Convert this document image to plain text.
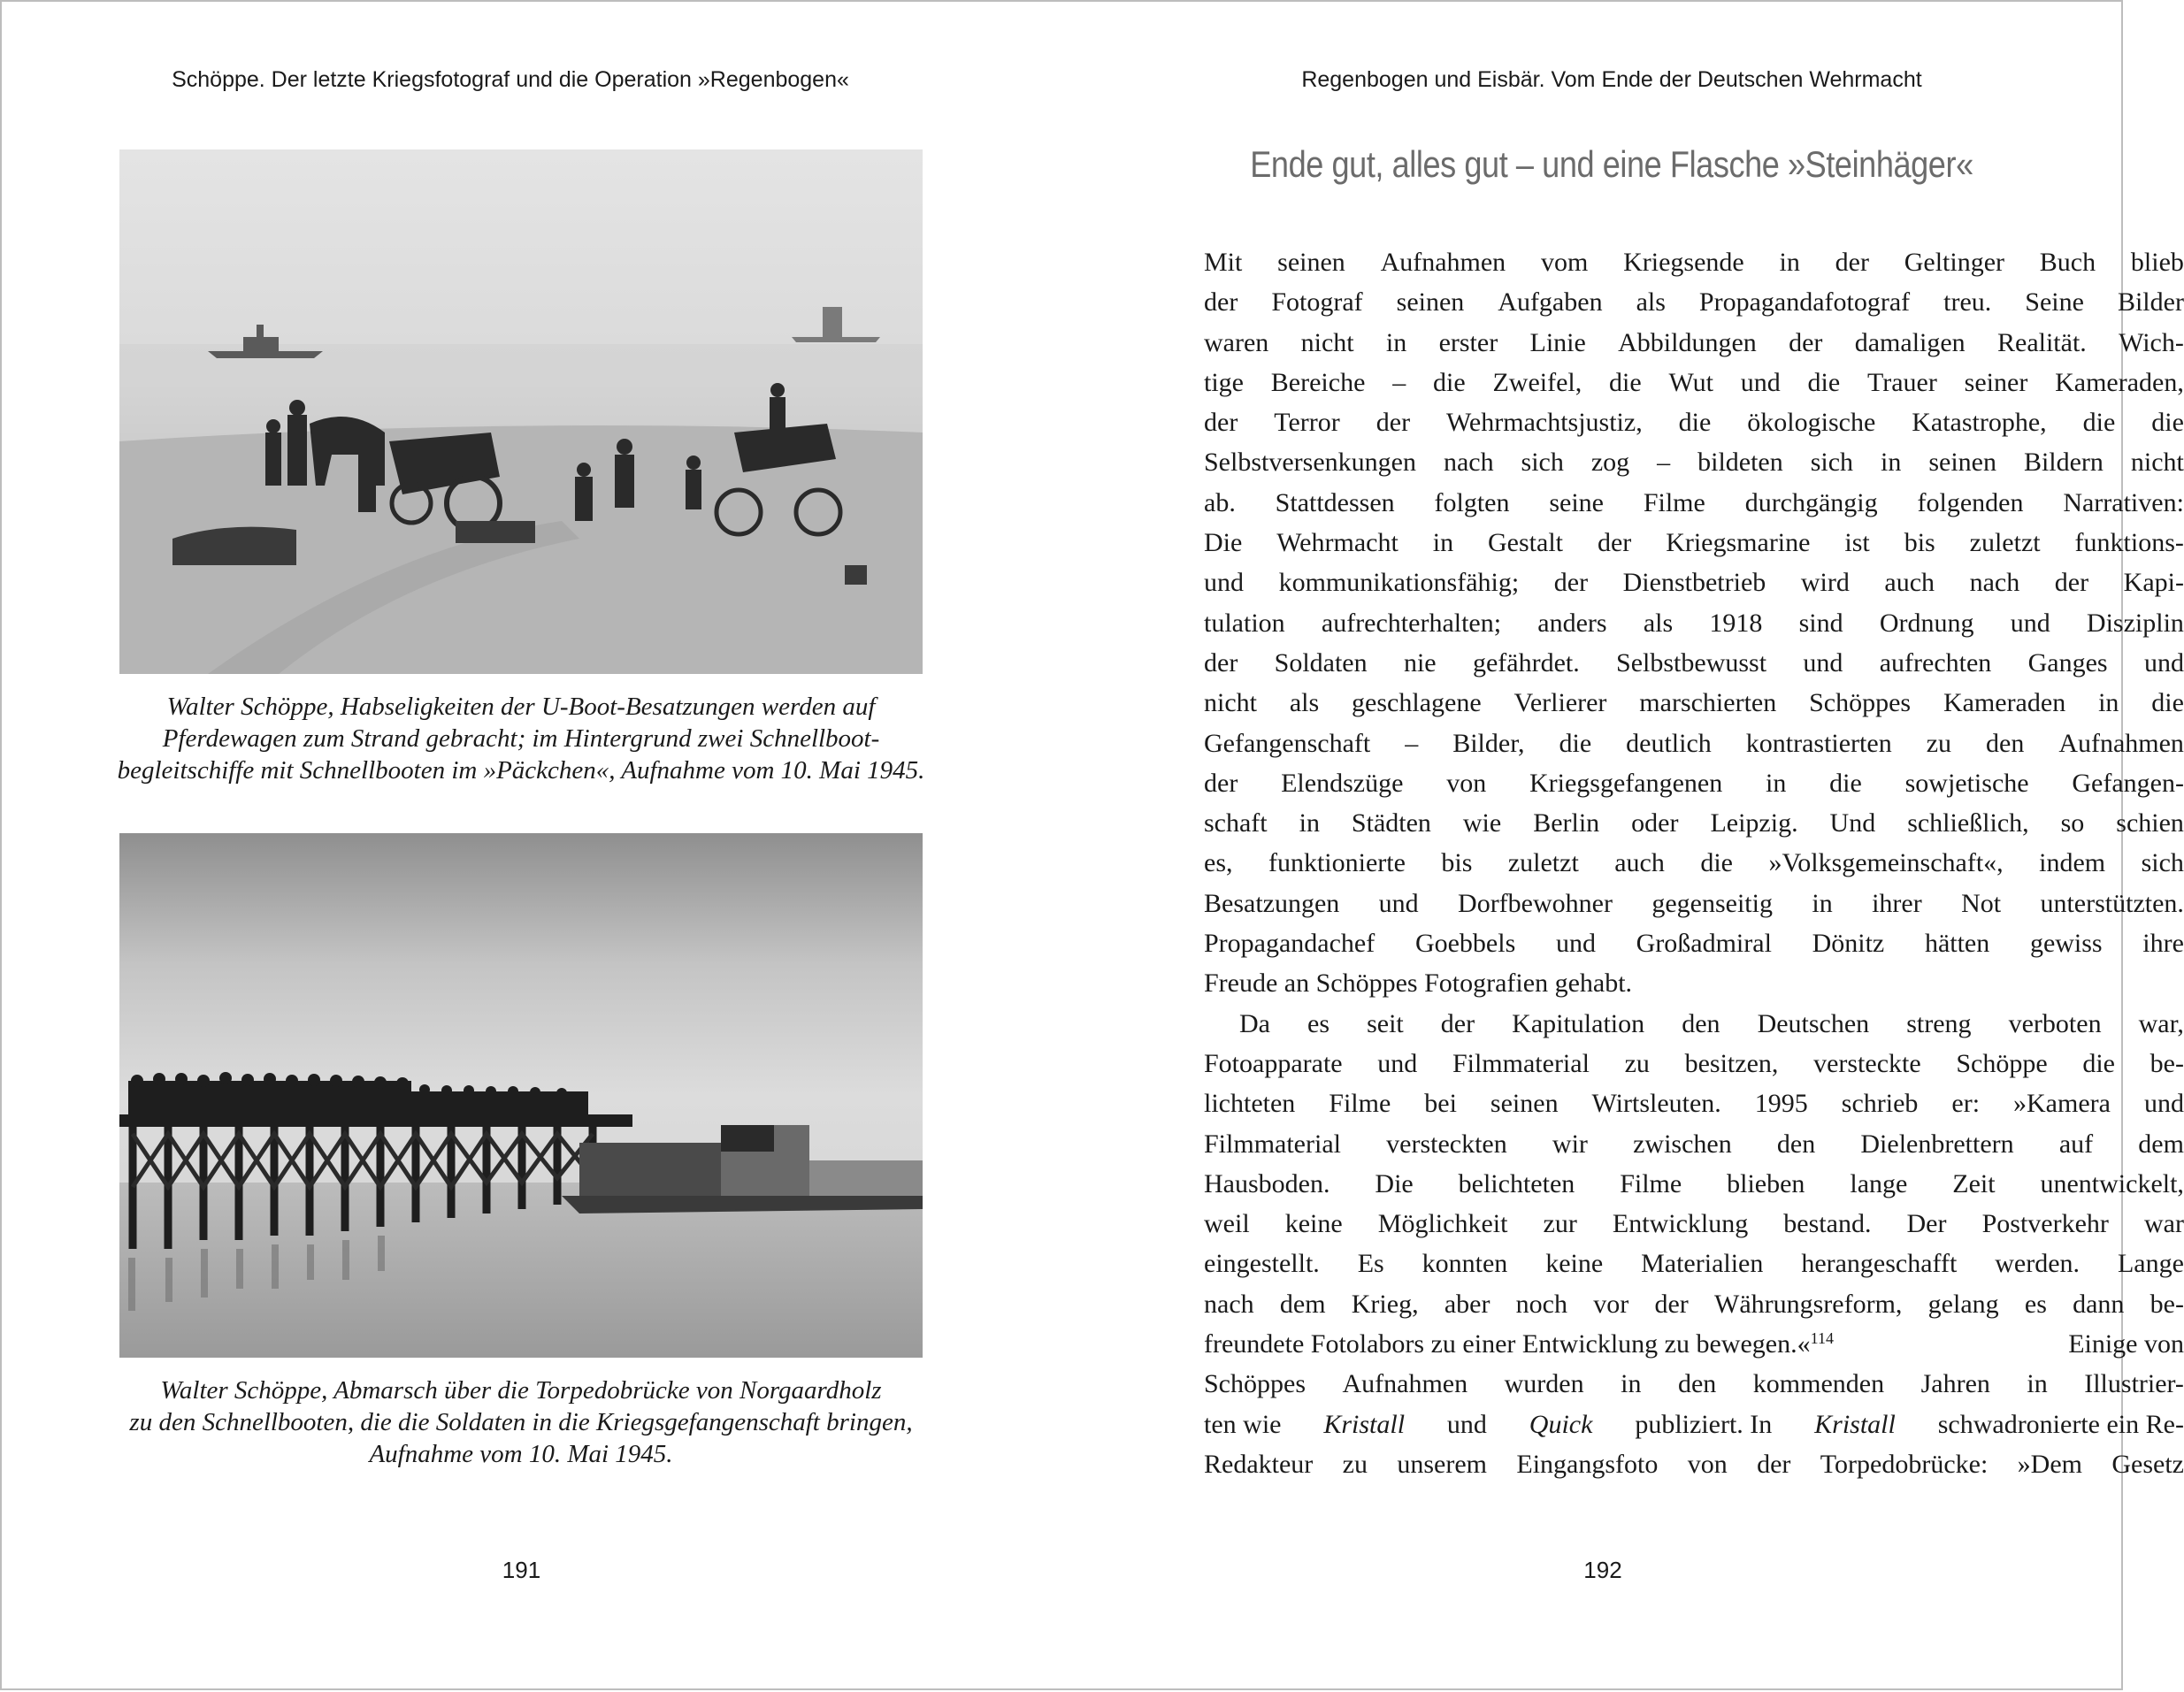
Schöppe. Der letzte Kriegsfotograf und die Operation »Regenbogen«
Walter Schöppe, Habseligkeiten der U-Boot-Besatzungen werden auf
Pferdewagen zum Strand gebracht; im Hintergrund zwei Schnellboot-
begleitschiffe mit Schnellbooten im »Päckchen«, Aufnahme vom 10. Mai 1945.
Walter Schöppe, Abmarsch über die Torpedobrücke von Norgaardholz
zu den Schnellbooten, die die Soldaten in die Kriegsgefangenschaft bringen,
Aufnahme vom 10. Mai 1945.
191
Regenbogen und Eisbär. Vom Ende der Deutschen Wehrmacht
Ende gut, alles gut – und eine Flasche »Steinhäger«
Mit seinen Aufnahmen vom Kriegsende in der Geltinger Buch blieb
der Fotograf seinen Aufgaben als Propagandafotograf treu. Seine Bilder
waren nicht in erster Linie Abbildungen der damaligen Realität. Wich-
tige Bereiche – die Zweifel, die Wut und die Trauer seiner Kameraden,
der Terror der Wehrmachtsjustiz, die ökologische Katastrophe, die die
Selbstversenkungen nach sich zog – bildeten sich in seinen Bildern nicht
ab. Stattdessen folgten seine Filme durchgängig folgenden Narrativen:
Die Wehrmacht in Gestalt der Kriegsmarine ist bis zuletzt funktions-
und kommunikationsfähig; der Dienstbetrieb wird auch nach der Kapi-
tulation aufrechterhalten; anders als 1918 sind Ordnung und Disziplin
der Soldaten nie gefährdet. Selbstbewusst und aufrechten Ganges und
nicht als geschlagene Verlierer marschierten Schöppes Kameraden in die
Gefangenschaft – Bilder, die deutlich kontrastierten zu den Aufnahmen
der Elendszüge von Kriegsgefangenen in die sowjetische Gefangen-
schaft in Städten wie Berlin oder Leipzig. Und schließlich, so schien
es, funktionierte bis zuletzt auch die »Volksgemeinschaft«, indem sich
Besatzungen und Dorfbewohner gegenseitig in ihrer Not unterstützten.
Propagandachef Goebbels und Großadmiral Dönitz hätten gewiss ihre
Freude an Schöppes Fotografien gehabt.
Da es seit der Kapitulation den Deutschen streng verboten war,
Fotoapparate und Filmmaterial zu besitzen, versteckte Schöppe die be-
lichteten Filme bei seinen Wirtsleuten. 1995 schrieb er: »Kamera und
Filmmaterial versteckten wir zwischen den Dielenbrettern auf dem
Hausboden. Die belichteten Filme blieben lange Zeit unentwickelt,
weil keine Möglichkeit zur Entwicklung bestand. Der Postverkehr war
eingestellt. Es konnten keine Materialien herangeschafft werden. Lange
nach dem Krieg, aber noch vor der Währungsreform, gelang es dann be-
freundete Fotolabors zu einer Entwicklung zu bewegen.«$^{114}$	Einige von
Schöppes Aufnahmen wurden in den kommenden Jahren in Illustrier-
ten wie Kristall und Quick publiziert. In Kristall schwadronierte ein Re-
Redakteur zu unserem Eingangsfoto von der Torpedobrücke: »Dem Gesetz
192
